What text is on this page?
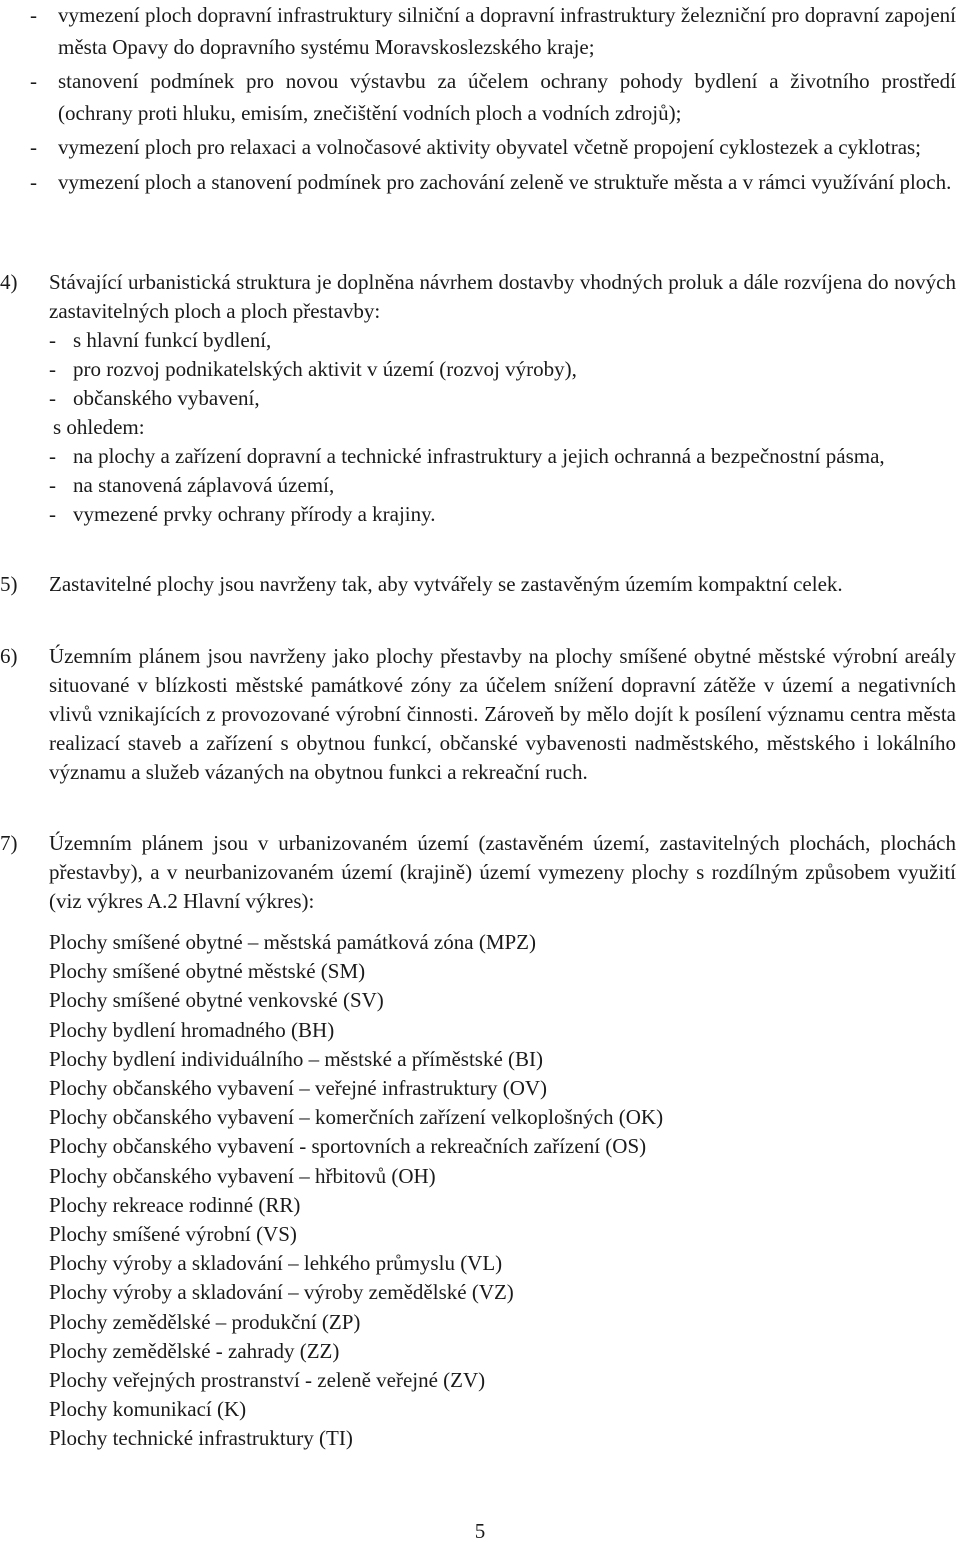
-	vymezení ploch dopravní infrastruktury silniční a dopravní infrastruktury železniční pro dopravní zapojení města Opavy do dopravního systému Moravskoslezského kraje;
-	stanovení podmínek pro novou výstavbu za účelem ochrany pohody bydlení a životního prostředí (ochrany proti hluku, emisím, znečištění vodních ploch a vodních zdrojů);
-	vymezení ploch pro relaxaci a volnočasové aktivity obyvatel včetně propojení cyklostezek a cyklotras;
-	vymezení ploch a stanovení podmínek pro zachování zeleně ve struktuře města a v rámci využívání ploch.
4)	Stávající urbanistická struktura je doplněna návrhem dostavby vhodných proluk a dále rozvíjena do nových zastavitelných ploch a ploch přestavby:

- s hlavní funkcí bydlení,
- pro rozvoj podnikatelských aktivit v území (rozvoj výroby),
- občanského vybavení,
s ohledem:
- na plochy a zařízení dopravní a technické infrastruktury a jejich ochranná a bezpečnostní pásma,
- na stanovená záplavová území,
- vymezené prvky ochrany přírody a krajiny.
5)	Zastavitelné plochy jsou navrženy tak, aby vytvářely se zastavěným územím kompaktní celek.

6)	Územním plánem jsou navrženy jako plochy přestavby na plochy smíšené obytné městské výrobní areály situované v blízkosti městské památkové zóny za účelem snížení dopravní zátěže v území a negativních vlivů vznikajících z provozované výrobní činnosti. Zároveň by mělo dojít k posílení významu centra města realizací staveb a zařízení s obytnou funkcí, občanské vybavenosti nadměstského, městského i lokálního významu a služeb vázaných na obytnou funkci a rekreační ruch.

7)	Územním plánem jsou v urbanizovaném území (zastavěném území, zastavitelných plochách, plochách přestavby), a v neurbanizovaném území (krajině) území vymezeny plochy s rozdílným způsobem využití (viz výkres A.2 Hlavní výkres):

Plochy smíšené obytné – městská památková zóna (MPZ)
Plochy smíšené obytné městské (SM)
Plochy smíšené obytné venkovské (SV)
Plochy bydlení hromadného (BH)
Plochy bydlení individuálního – městské a příměstské (BI)
Plochy občanského vybavení – veřejné infrastruktury (OV)
Plochy občanského vybavení – komerčních zařízení velkoplošných (OK)
Plochy občanského vybavení - sportovních a rekreačních zařízení (OS)
Plochy občanského vybavení – hřbitovů (OH)
Plochy rekreace rodinné (RR)
Plochy smíšené výrobní (VS)
Plochy výroby a skladování – lehkého průmyslu (VL)
Plochy výroby a skladování – výroby zemědělské (VZ)
Plochy zemědělské – produkční (ZP)
Plochy zemědělské - zahrady (ZZ)
Plochy veřejných prostranství - zeleně veřejné (ZV)
Plochy komunikací (K)
Plochy technické infrastruktury (TI)
5
